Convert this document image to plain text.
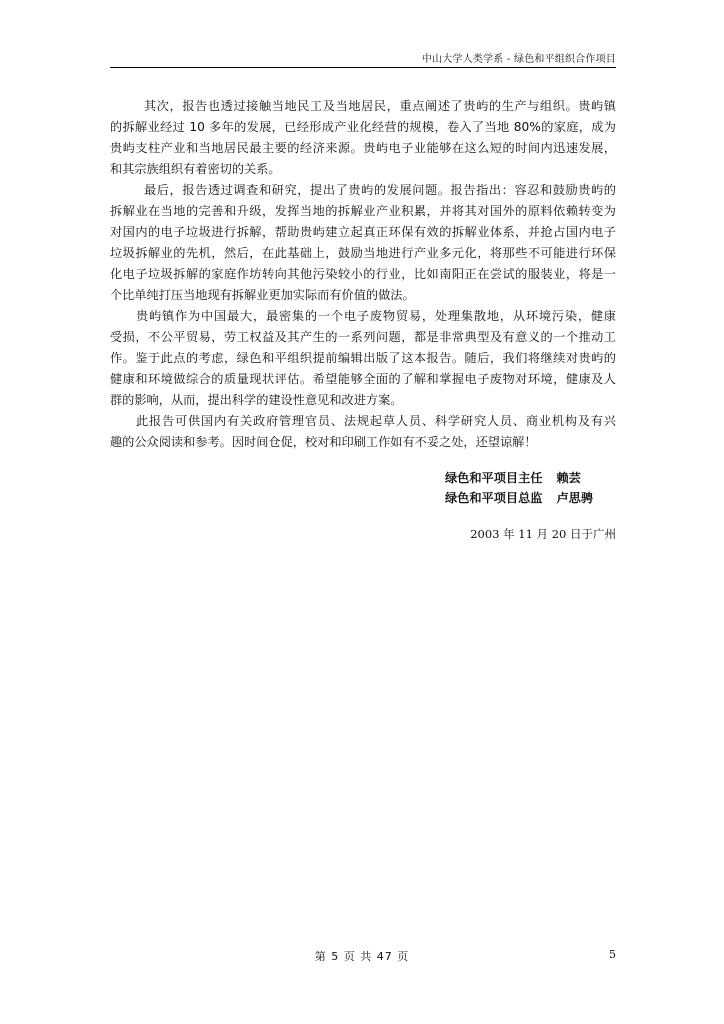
中山大学人类学系 - 绿色和平组织合作项目
其次，报告也透过接触当地民工及当地居民，重点阐述了贵屿的生产与组织。贵屿镇
的拆解业经过 10 多年的发展，已经形成产业化经营的规模，卷入了当地 80%的家庭，成为
贵屿支柱产业和当地居民最主要的经济来源。贵屿电子业能够在这么短的时间内迅速发展，
和其宗族组织有着密切的关系。
最后，报告透过调查和研究，提出了贵屿的发展问题。报告指出：容忍和鼓励贵屿的
拆解业在当地的完善和升级，发挥当地的拆解业产业积累，并将其对国外的原料依赖转变为
对国内的电子垃圾进行拆解，帮助贵屿建立起真正环保有效的拆解业体系，并抢占国内电子
垃圾拆解业的先机，然后，在此基础上，鼓励当地进行产业多元化，将那些不可能进行环保
化电子垃圾拆解的家庭作坊转向其他污染较小的行业，比如南阳正在尝试的服装业，将是一
个比单纯打压当地现有拆解业更加实际而有价值的做法。
贵屿镇作为中国最大，最密集的一个电子废物贸易，处理集散地，从环境污染，健康
受损，不公平贸易，劳工权益及其产生的一系列问题，都是非常典型及有意义的一个推动工
作。鉴于此点的考虑，绿色和平组织提前编辑出版了这本报告。随后，我们将继续对贵屿的
健康和环境做综合的质量现状评估。希望能够全面的了解和掌握电子废物对环境，健康及人
群的影响，从而，提出科学的建设性意见和改进方案。
此报告可供国内有关政府管理官员、法规起草人员、科学研究人员、商业机构及有兴
趣的公众阅读和参考。因时间仓促，校对和印刷工作如有不妥之处，还望谅解！
绿色和平项目主任 赖芸
绿色和平项目总监 卢思骋
2003 年 11 月 20 日于广州
第 5 页 共 47 页	5
